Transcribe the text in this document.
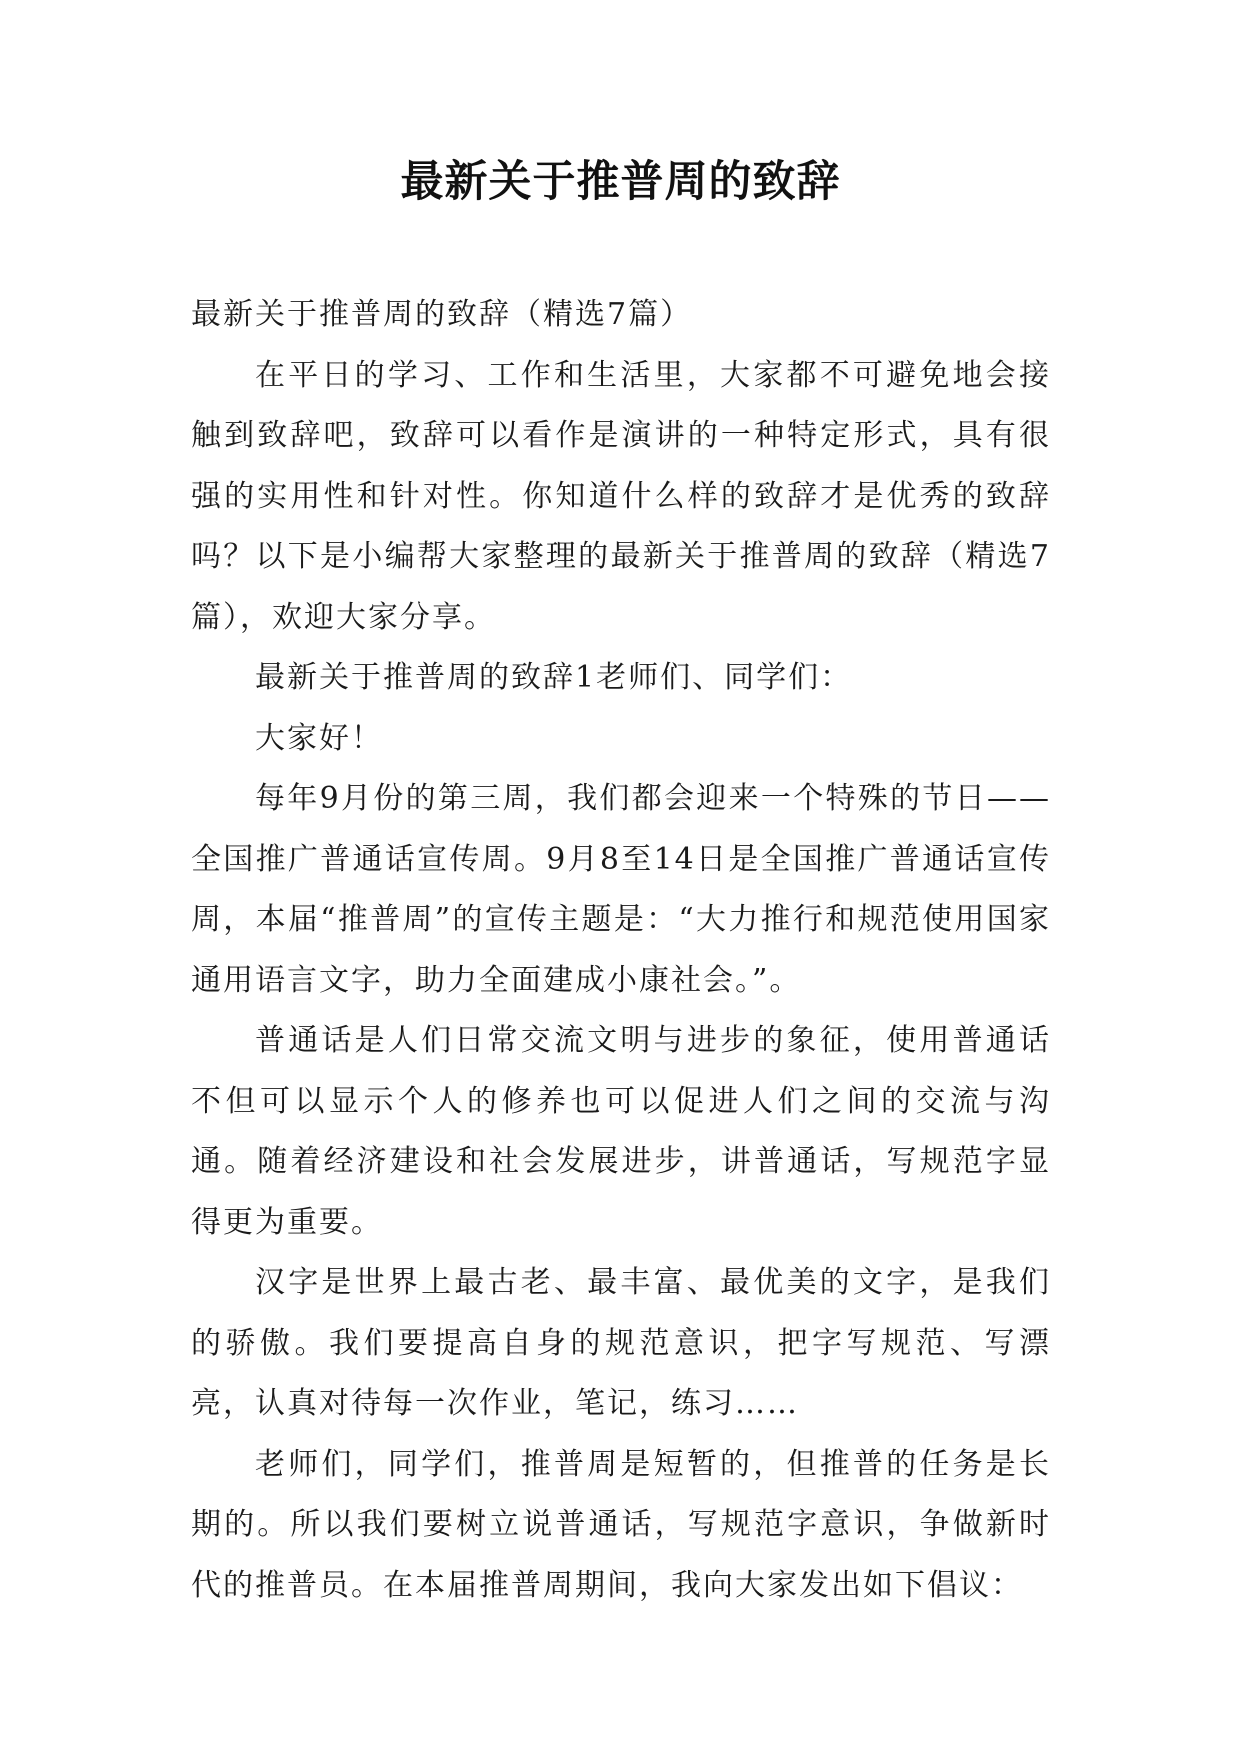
最新关于推普周的致辞

最新关于推普周的致辞（精选7篇）

在平日的学习、工作和生活里，大家都不可避免地会接触到致辞吧，致辞可以看作是演讲的一种特定形式，具有很强的实用性和针对性。你知道什么样的致辞才是优秀的致辞吗？以下是小编帮大家整理的最新关于推普周的致辞（精选7篇），欢迎大家分享。

最新关于推普周的致辞1老师们、同学们：

大家好！

每年9月份的第三周，我们都会迎来一个特殊的节日——全国推广普通话宣传周。9月8至14日是全国推广普通话宣传周，本届“推普周”的宣传主题是：“大力推行和规范使用国家通用语言文字，助力全面建成小康社会。”。

普通话是人们日常交流文明与进步的象征，使用普通话不但可以显示个人的修养也可以促进人们之间的交流与沟通。随着经济建设和社会发展进步，讲普通话，写规范字显得更为重要。

汉字是世界上最古老、最丰富、最优美的文字，是我们的骄傲。我们要提高自身的规范意识，把字写规范、写漂亮，认真对待每一次作业，笔记，练习……

老师们，同学们，推普周是短暂的，但推普的任务是长期的。所以我们要树立说普通话，写规范字意识，争做新时代的推普员。在本届推普周期间，我向大家发出如下倡议：
